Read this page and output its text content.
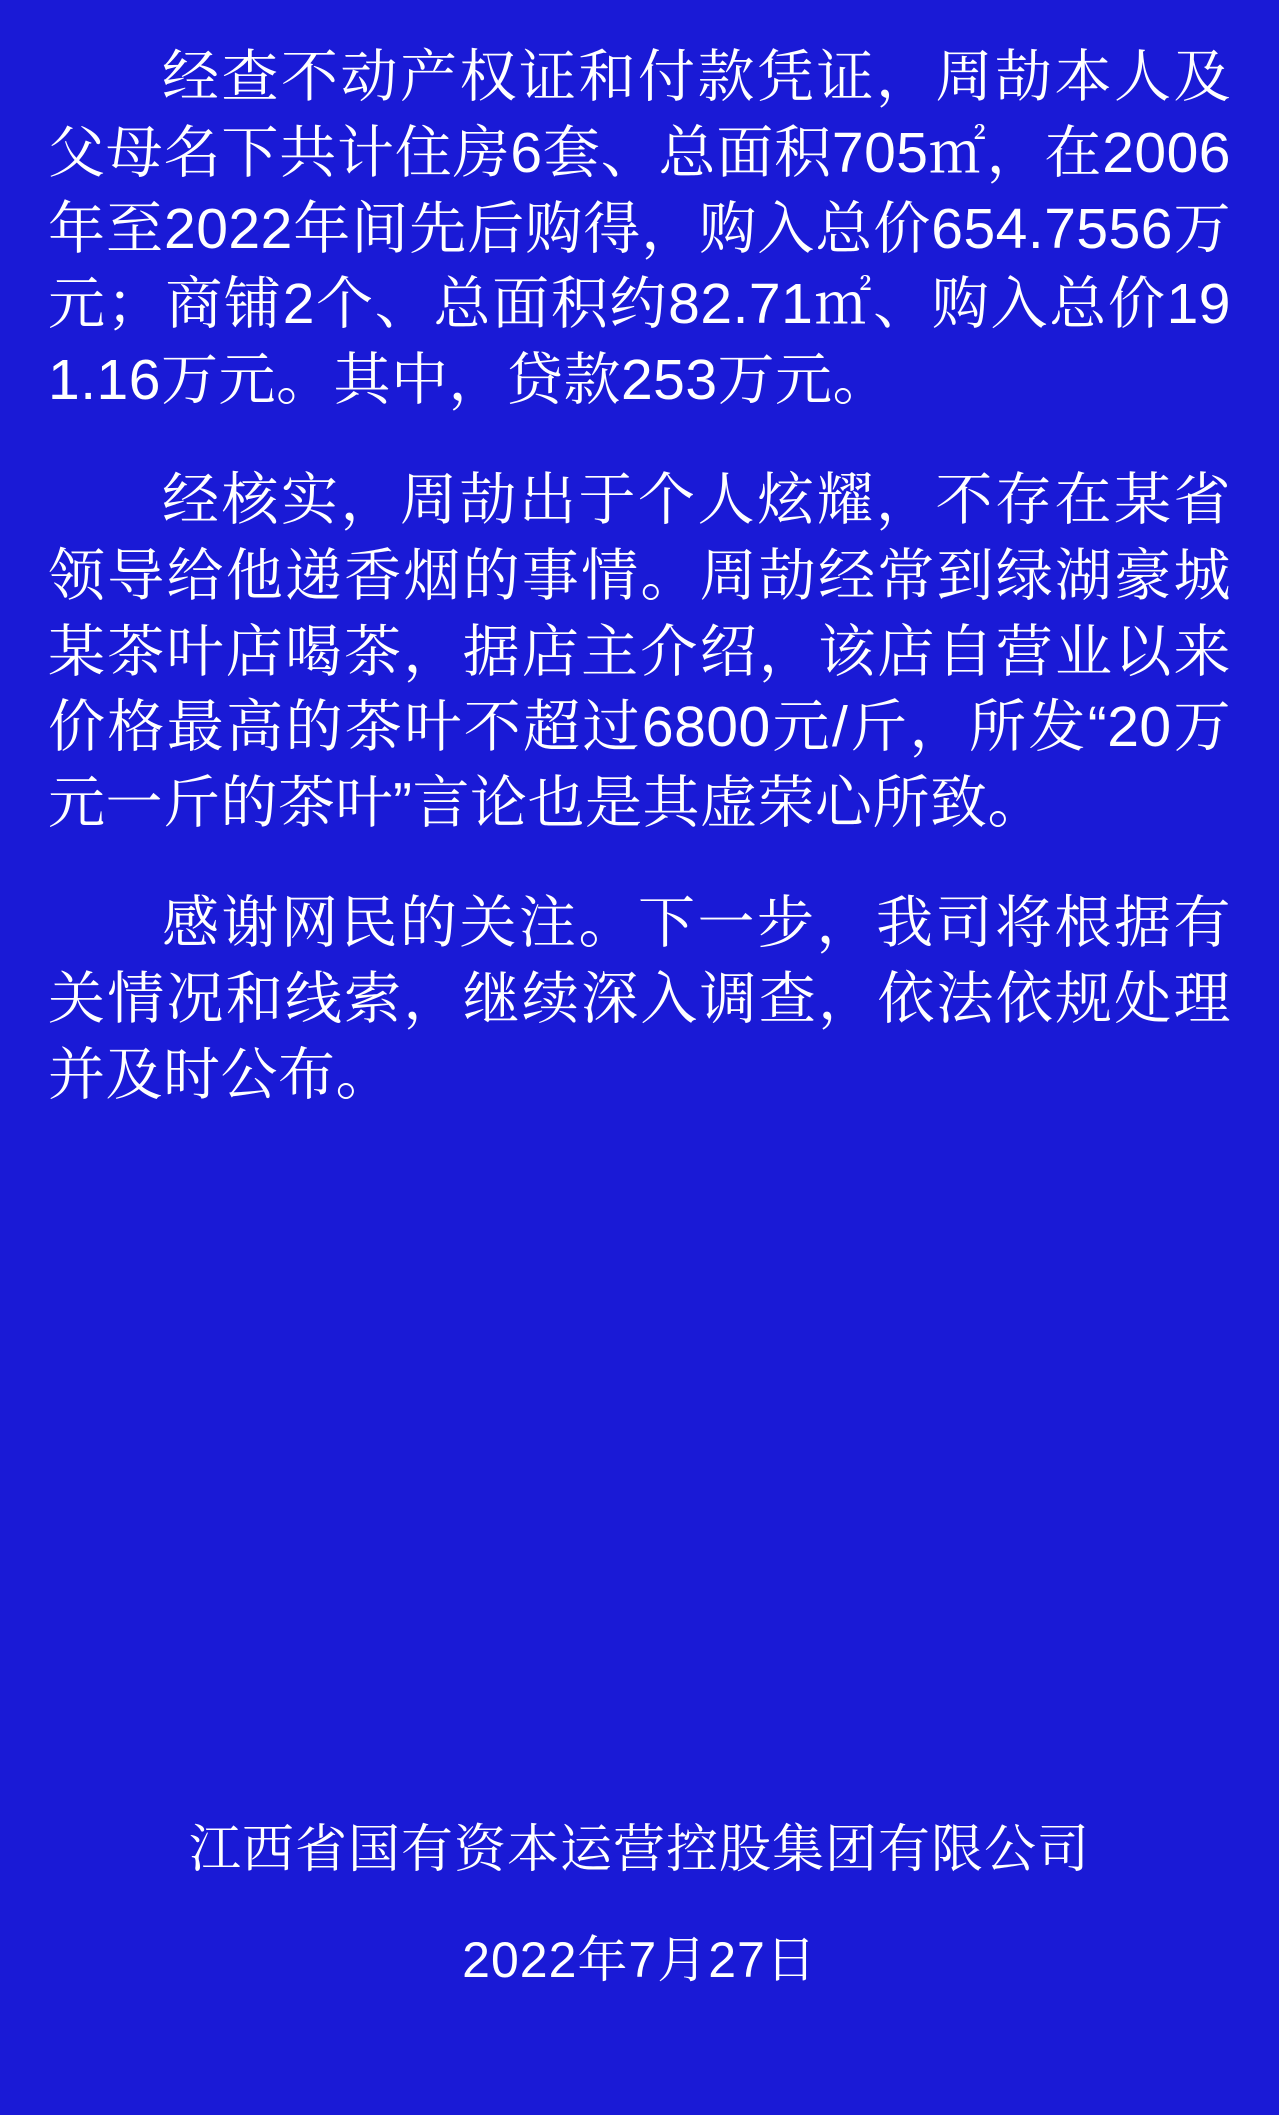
经查不动产权证和付款凭证，周劼本人及父母名下共计住房6套、总面积705㎡，在2006年至2022年间先后购得，购入总价654.7556万元；商铺2个、总面积约82.71㎡、购入总价191.16万元。其中，贷款253万元。

经核实，周劼出于个人炫耀，不存在某省领导给他递香烟的事情。周劼经常到绿湖豪城某茶叶店喝茶，据店主介绍，该店自营业以来价格最高的茶叶不超过6800元/斤，所发“20万元一斤的茶叶”言论也是其虚荣心所致。

感谢网民的关注。下一步，我司将根据有关情况和线索，继续深入调查，依法依规处理并及时公布。

江西省国有资本运营控股集团有限公司
2022年7月27日
